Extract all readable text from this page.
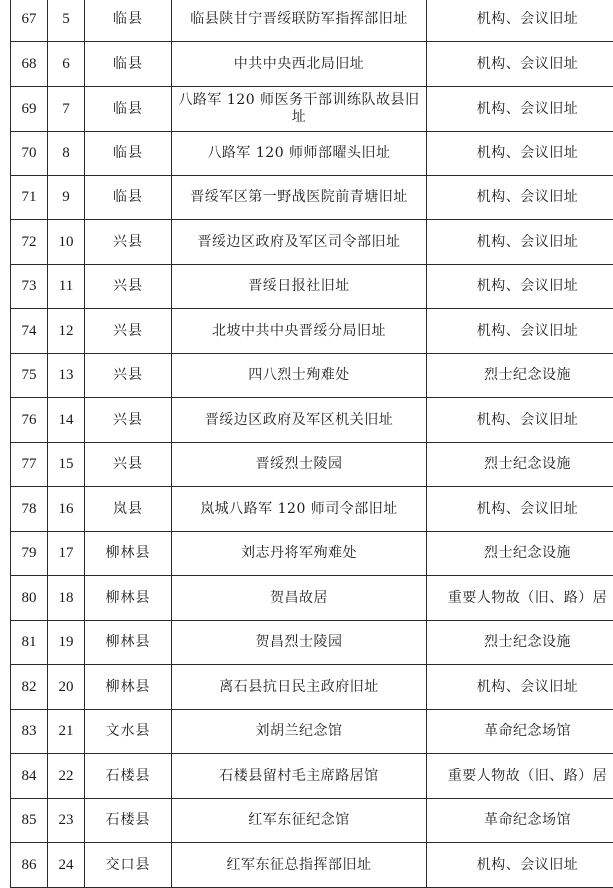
67	5	临县	临县陕甘宁晋绥联防军指挥部旧址	机构、会议旧址
68	6	临县	中共中央西北局旧址	机构、会议旧址
69	7	临县	八路军 120 师医务干部训练队故县旧址	机构、会议旧址
70	8	临县	八路军 120 师师部曜头旧址	机构、会议旧址
71	9	临县	晋绥军区第一野战医院前青塘旧址	机构、会议旧址
72	10	兴县	晋绥边区政府及军区司令部旧址	机构、会议旧址
73	11	兴县	晋绥日报社旧址	机构、会议旧址
74	12	兴县	北坡中共中央晋绥分局旧址	机构、会议旧址
75	13	兴县	四八烈士殉难处	烈士纪念设施
76	14	兴县	晋绥边区政府及军区机关旧址	机构、会议旧址
77	15	兴县	晋绥烈士陵园	烈士纪念设施
78	16	岚县	岚城八路军 120 师司令部旧址	机构、会议旧址
79	17	柳林县	刘志丹将军殉难处	烈士纪念设施
80	18	柳林县	贺昌故居	重要人物故（旧、路）居
81	19	柳林县	贺昌烈士陵园	烈士纪念设施
82	20	柳林县	离石县抗日民主政府旧址	机构、会议旧址
83	21	文水县	刘胡兰纪念馆	革命纪念场馆
84	22	石楼县	石楼县留村毛主席路居馆	重要人物故（旧、路）居
85	23	石楼县	红军东征纪念馆	革命纪念场馆
86	24	交口县	红军东征总指挥部旧址	机构、会议旧址
